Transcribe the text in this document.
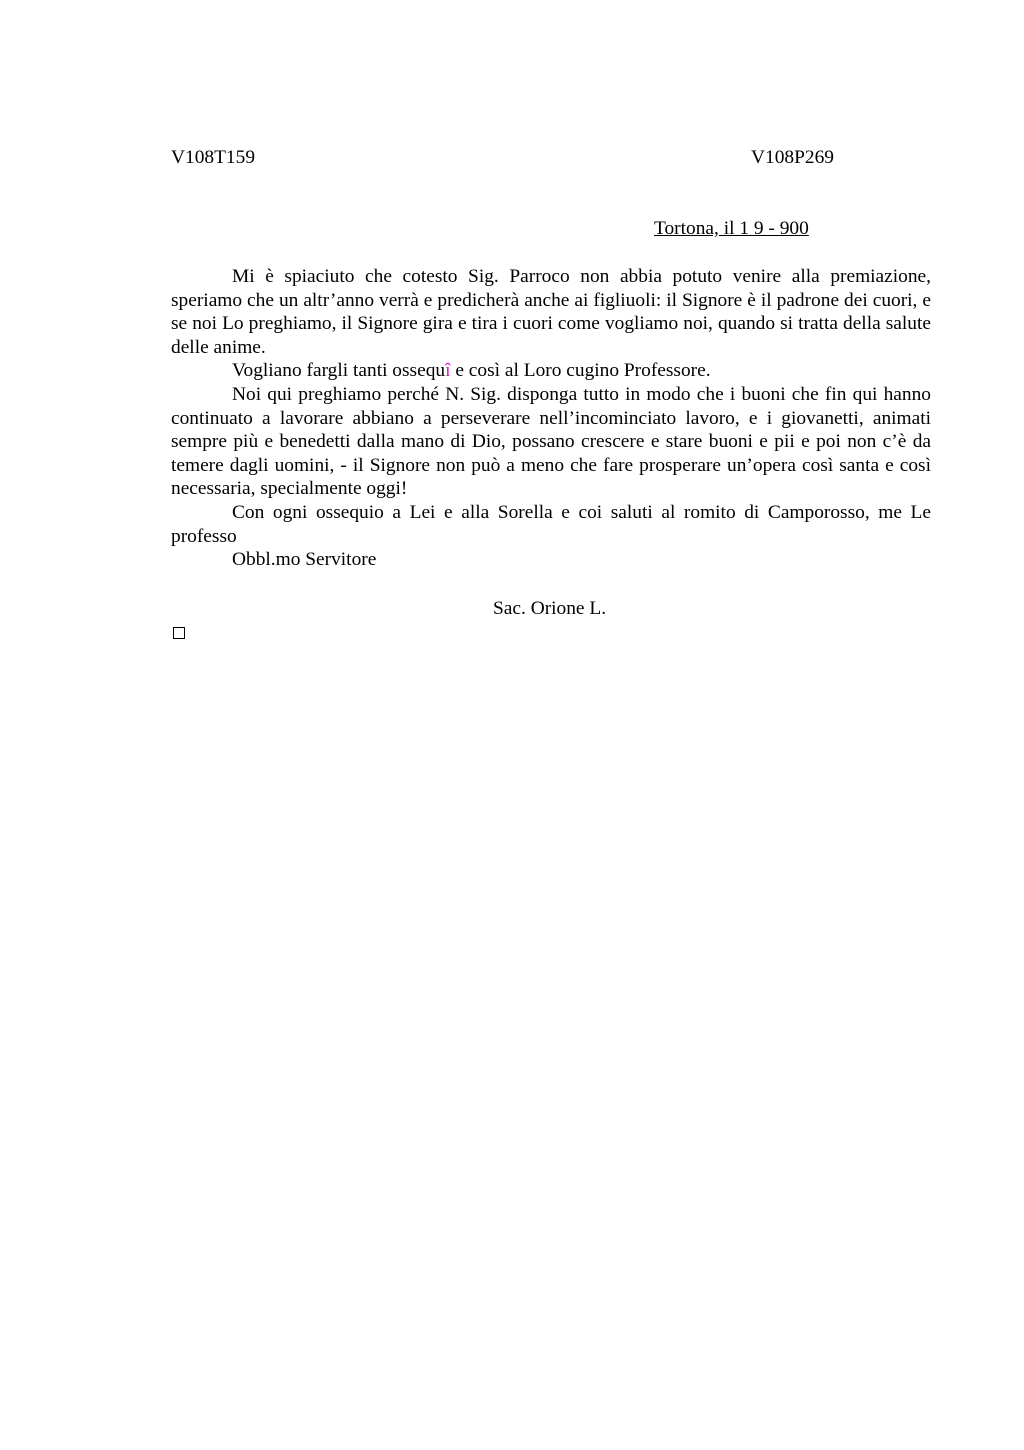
V108T159	V108P269
Tortona, il 1 9 - 900

Mi è spiaciuto che cotesto Sig. Parroco non abbia potuto venire alla premiazione, speriamo che un altr’anno verrà e predicherà anche ai figliuoli: il Signore è il padrone dei cuori, e se noi Lo preghiamo, il Signore gira e tira i cuori come vogliamo noi, quando si tratta della salute delle anime.

Vogliano fargli tanti ossequî e così al Loro cugino Professore.

Noi qui preghiamo perché N. Sig. disponga tutto in modo che i buoni che fin qui hanno continuato a lavorare abbiano a perseverare nell’incominciato lavoro, e i giovanetti, animati sempre più e benedetti dalla mano di Dio, possano crescere e stare buoni e pii e poi non c’è da temere dagli uomini, - il Signore non può a meno che fare prosperare un’opera così santa e così necessaria, specialmente oggi!

Con ogni ossequio a Lei e alla Sorella e coi saluti al romito di Camporosso, me Le professo

Obbl.mo Servitore

Sac. Orione L.
